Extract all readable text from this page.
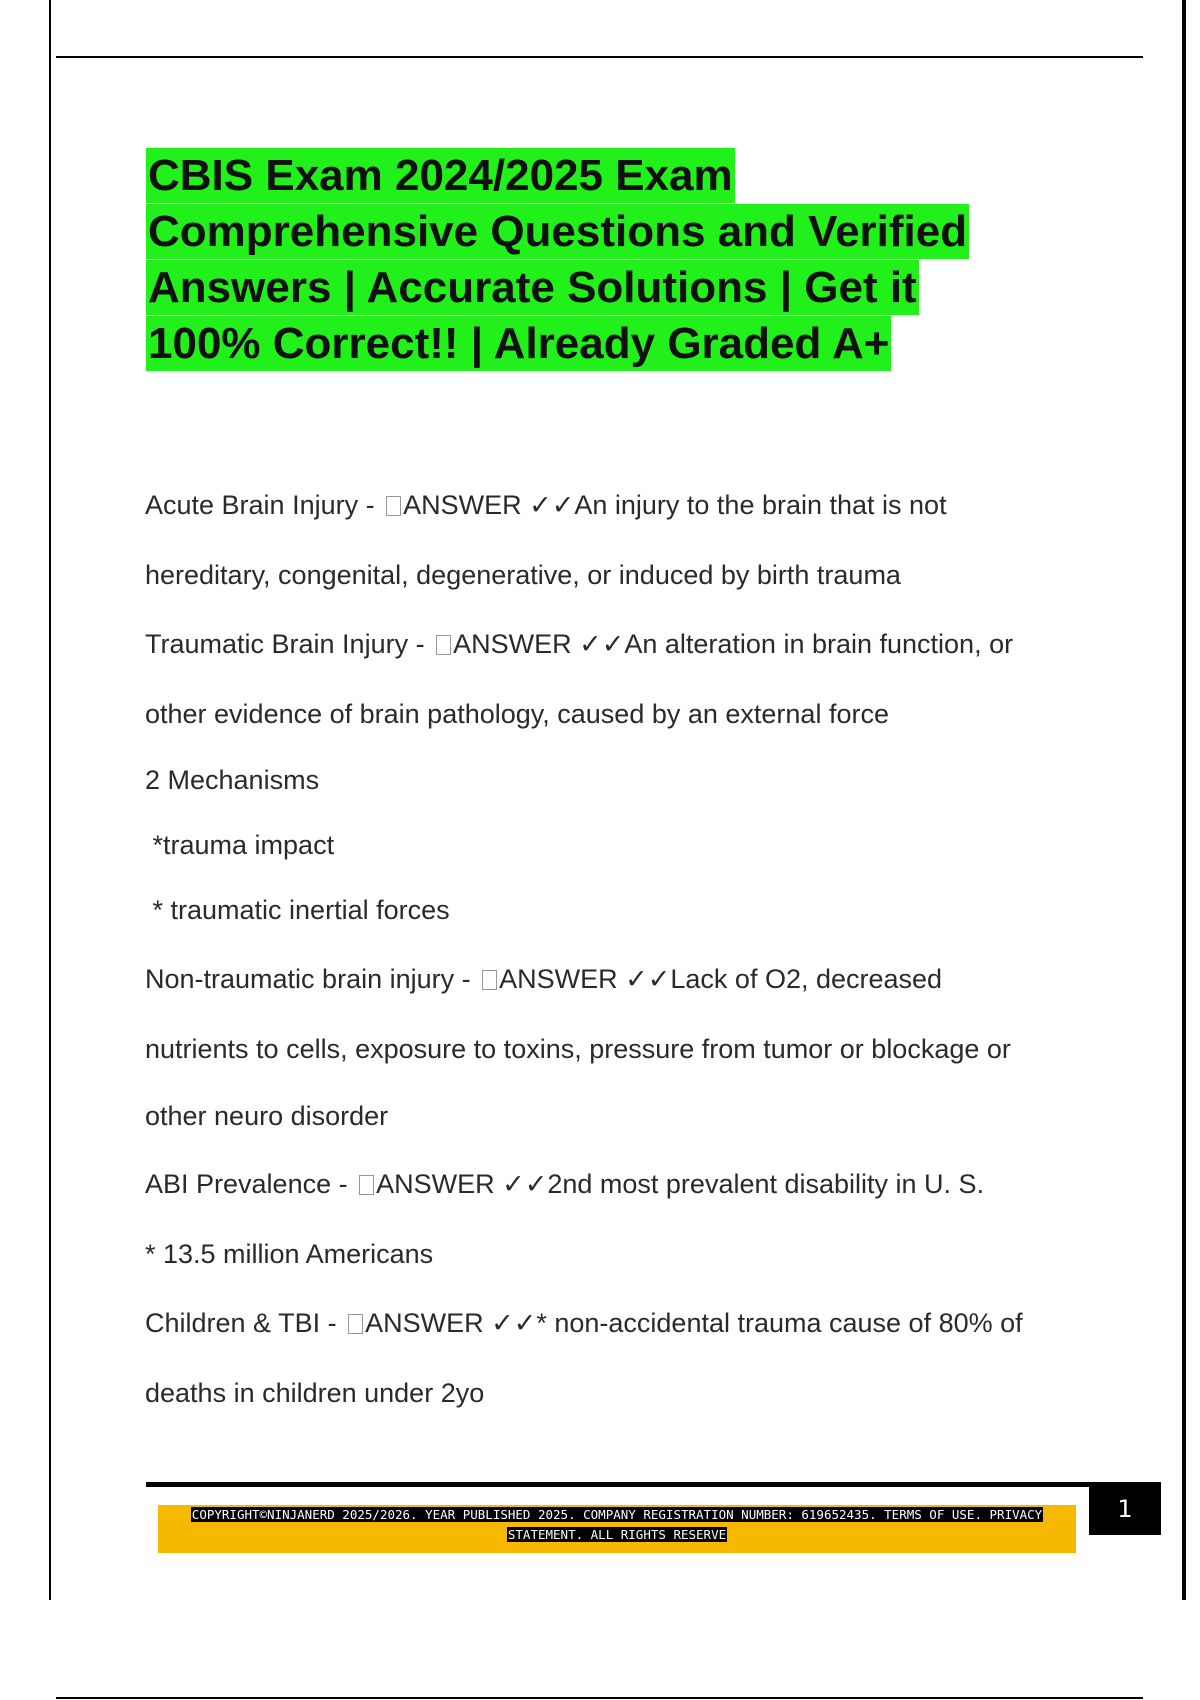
CBIS Exam 2024/2025 Exam
Comprehensive Questions and Verified
Answers | Accurate Solutions | Get it
100% Correct!! | Already Graded A+
Acute Brain Injury - ANSWER ✓✓An injury to the brain that is not
hereditary, congenital, degenerative, or induced by birth trauma
Traumatic Brain Injury - ANSWER ✓✓An alteration in brain function, or
other evidence of brain pathology, caused by an external force
2 Mechanisms
*trauma impact
* traumatic inertial forces
Non-traumatic brain injury - ANSWER ✓✓Lack of O2, decreased
nutrients to cells, exposure to toxins, pressure from tumor or blockage or
other neuro disorder
ABI Prevalence - ANSWER ✓✓2nd most prevalent disability in U. S.
* 13.5 million Americans
Children & TBI - ANSWER ✓✓* non-accidental trauma cause of 80% of
deaths in children under 2yo
1
COPYRIGHT©NINJANERD 2025/2026. YEAR PUBLISHED 2025. COMPANY REGISTRATION NUMBER: 619652435. TERMS OF USE. PRIVACY
STATEMENT. ALL RIGHTS RESERVE
